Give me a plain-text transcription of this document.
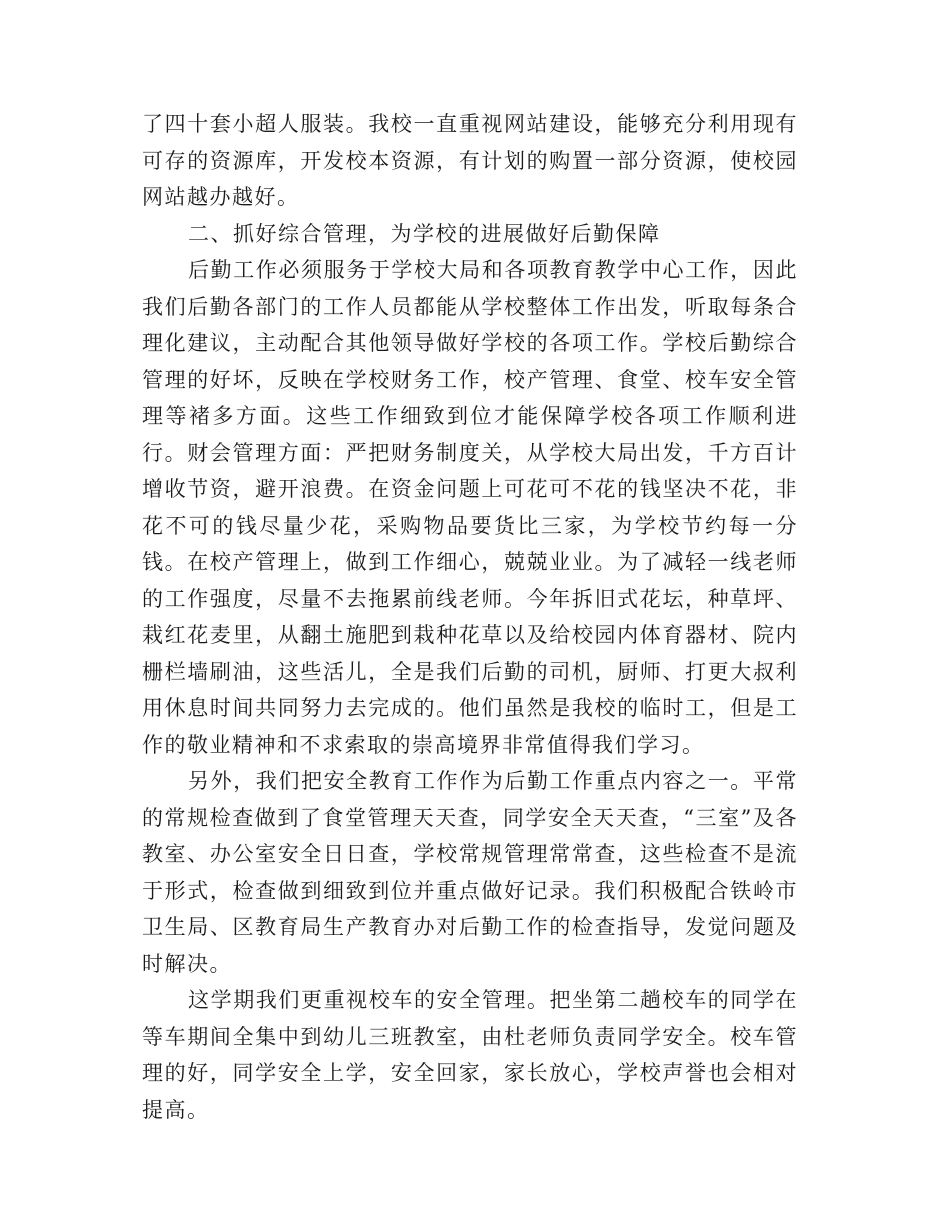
了四十套小超人服装。我校一直重视网站建设，能够充分利用现有可存的资源库，开发校本资源，有计划的购置一部分资源，使校园网站越办越好。

二、抓好综合管理，为学校的进展做好后勤保障

后勤工作必须服务于学校大局和各项教育教学中心工作，因此我们后勤各部门的工作人员都能从学校整体工作出发，听取每条合理化建议，主动配合其他领导做好学校的各项工作。学校后勤综合管理的好坏，反映在学校财务工作，校产管理、食堂、校车安全管理等褚多方面。这些工作细致到位才能保障学校各项工作顺利进行。财会管理方面：严把财务制度关，从学校大局出发，千方百计增收节资，避开浪费。在资金问题上可花可不花的钱坚决不花，非花不可的钱尽量少花，采购物品要货比三家，为学校节约每一分钱。在校产管理上，做到工作细心，兢兢业业。为了减轻一线老师的工作强度，尽量不去拖累前线老师。今年拆旧式花坛，种草坪、栽红花麦里，从翻土施肥到栽种花草以及给校园内体育器材、院内栅栏墙刷油，这些活儿，全是我们后勤的司机，厨师、打更大叔利用休息时间共同努力去完成的。他们虽然是我校的临时工，但是工作的敬业精神和不求索取的崇高境界非常值得我们学习。

另外，我们把安全教育工作作为后勤工作重点内容之一。平常的常规检查做到了食堂管理天天查，同学安全天天查，“三室”及各教室、办公室安全日日查，学校常规管理常常查，这些检查不是流于形式，检查做到细致到位并重点做好记录。我们积极配合铁岭市卫生局、区教育局生产教育办对后勤工作的检查指导，发觉问题及时解决。

这学期我们更重视校车的安全管理。把坐第二趟校车的同学在等车期间全集中到幼儿三班教室，由杜老师负责同学安全。校车管理的好，同学安全上学，安全回家，家长放心，学校声誉也会相对提高。
